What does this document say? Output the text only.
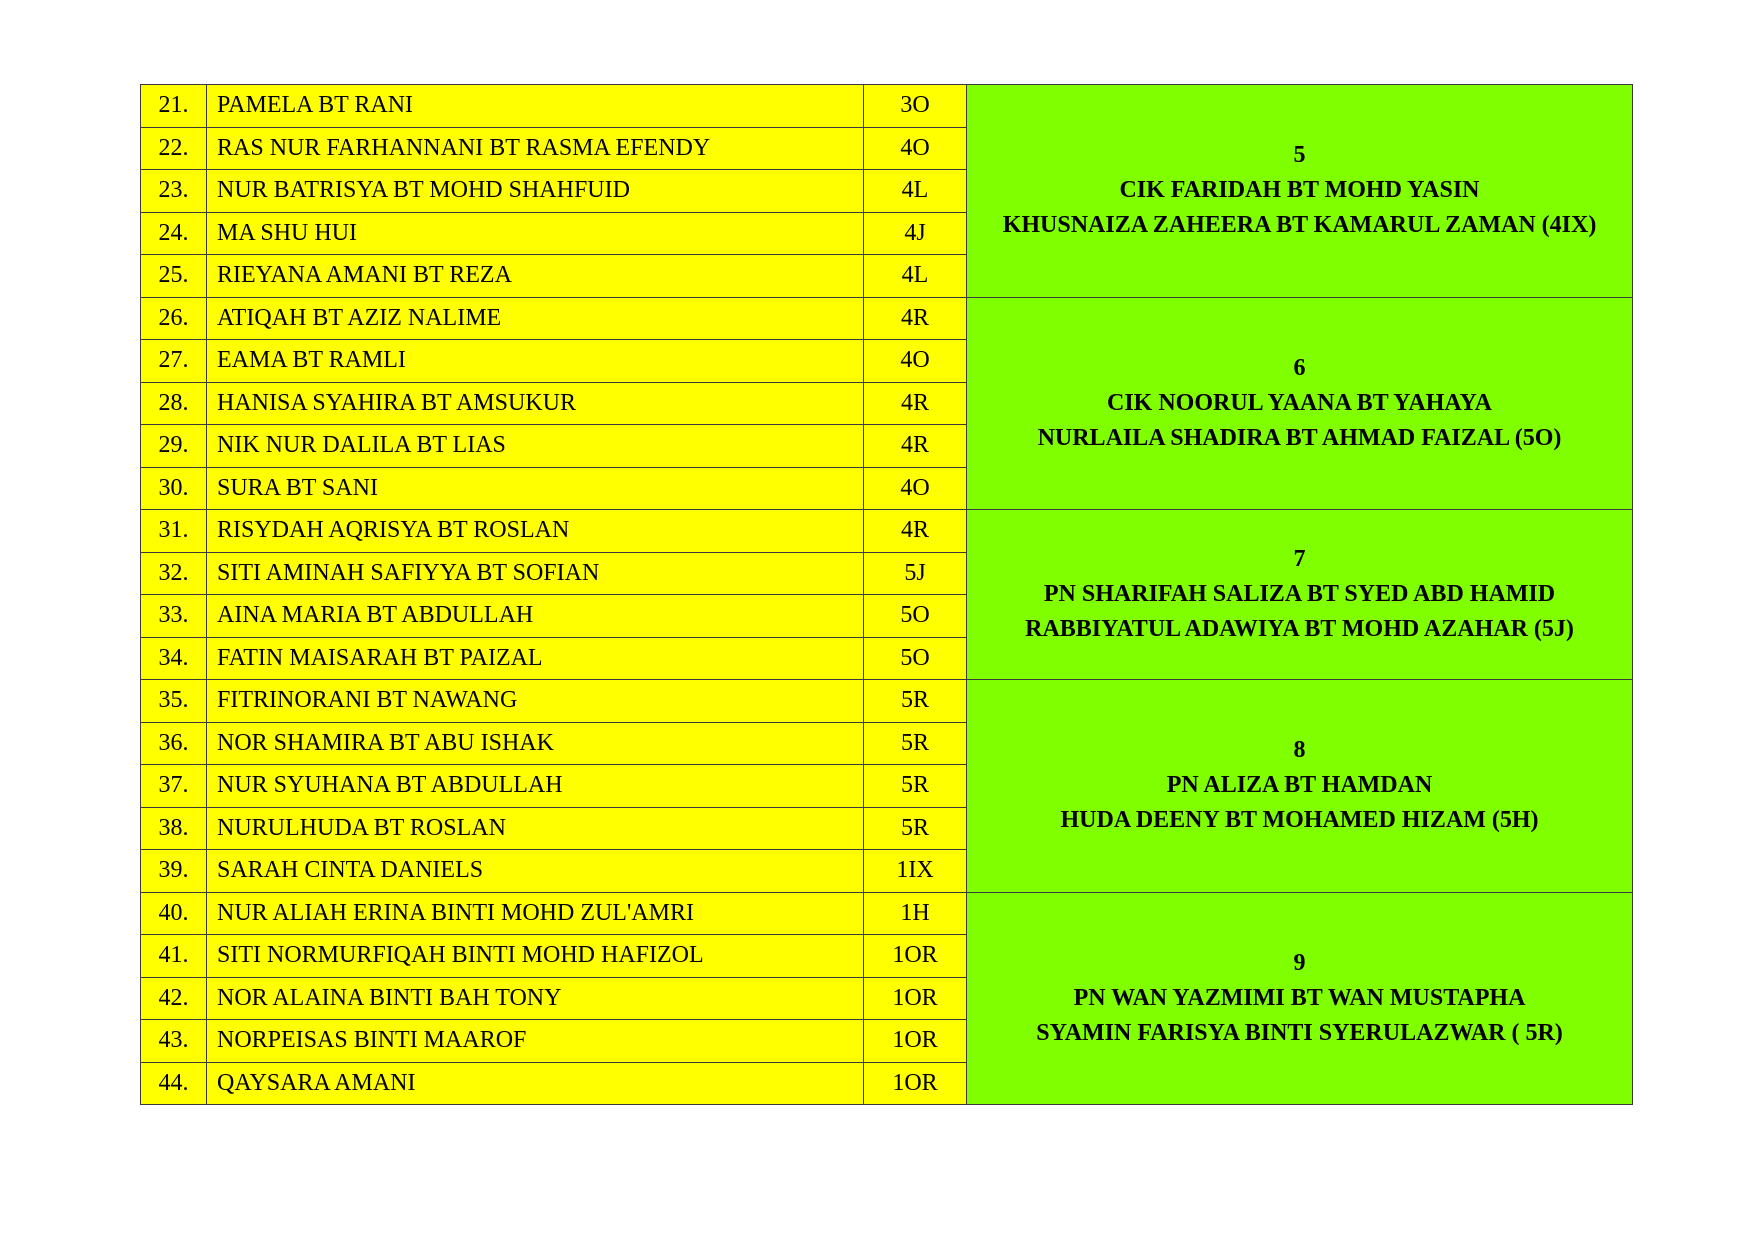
21.	PAMELA BT RANI	3O	5
CIK FARIDAH BT MOHD YASIN
KHUSNAIZA ZAHEERA BT KAMARUL ZAMAN (4IX)

22.	RAS NUR FARHANNANI BT RASMA EFENDY	4O	
23.	NUR BATRISYA BT MOHD SHAHFUID	4L	
24.	MA SHU HUI	4J	
25.	RIEYANA AMANI BT REZA	4L	
26.	ATIQAH BT AZIZ NALIME	4R	6
CIK NOORUL YAANA BT YAHAYA
NURLAILA SHADIRA BT AHMAD FAIZAL (5O)

27.	EAMA BT RAMLI	4O	
28.	HANISA SYAHIRA BT AMSUKUR	4R	
29.	NIK NUR DALILA BT LIAS	4R	
30.	SURA BT SANI	4O	
31.	RISYDAH AQRISYA BT ROSLAN	4R	7
PN SHARIFAH SALIZA BT SYED ABD HAMID
RABBIYATUL ADAWIYA BT MOHD AZAHAR (5J)

32.	SITI AMINAH SAFIYYA BT SOFIAN	5J	
33.	AINA MARIA BT ABDULLAH	5O	
34.	FATIN MAISARAH BT PAIZAL	5O	
35.	FITRINORANI BT NAWANG	5R	8
PN ALIZA BT HAMDAN
HUDA DEENY BT MOHAMED HIZAM (5H)

36.	NOR SHAMIRA BT ABU ISHAK	5R	
37.	NUR SYUHANA BT ABDULLAH	5R	
38.	NURULHUDA BT ROSLAN	5R	
39.	SARAH CINTA DANIELS	1IX	
40.	NUR ALIAH ERINA BINTI MOHD ZUL'AMRI	1H	9
PN WAN YAZMIMI BT WAN MUSTAPHA
SYAMIN FARISYA BINTI SYERULAZWAR ( 5R)

41.	SITI NORMURFIQAH BINTI MOHD HAFIZOL	1OR	
42.	NOR ALAINA BINTI BAH TONY	1OR	
43.	NORPEISAS BINTI MAAROF	1OR	
44.	QAYSARA AMANI	1OR	
